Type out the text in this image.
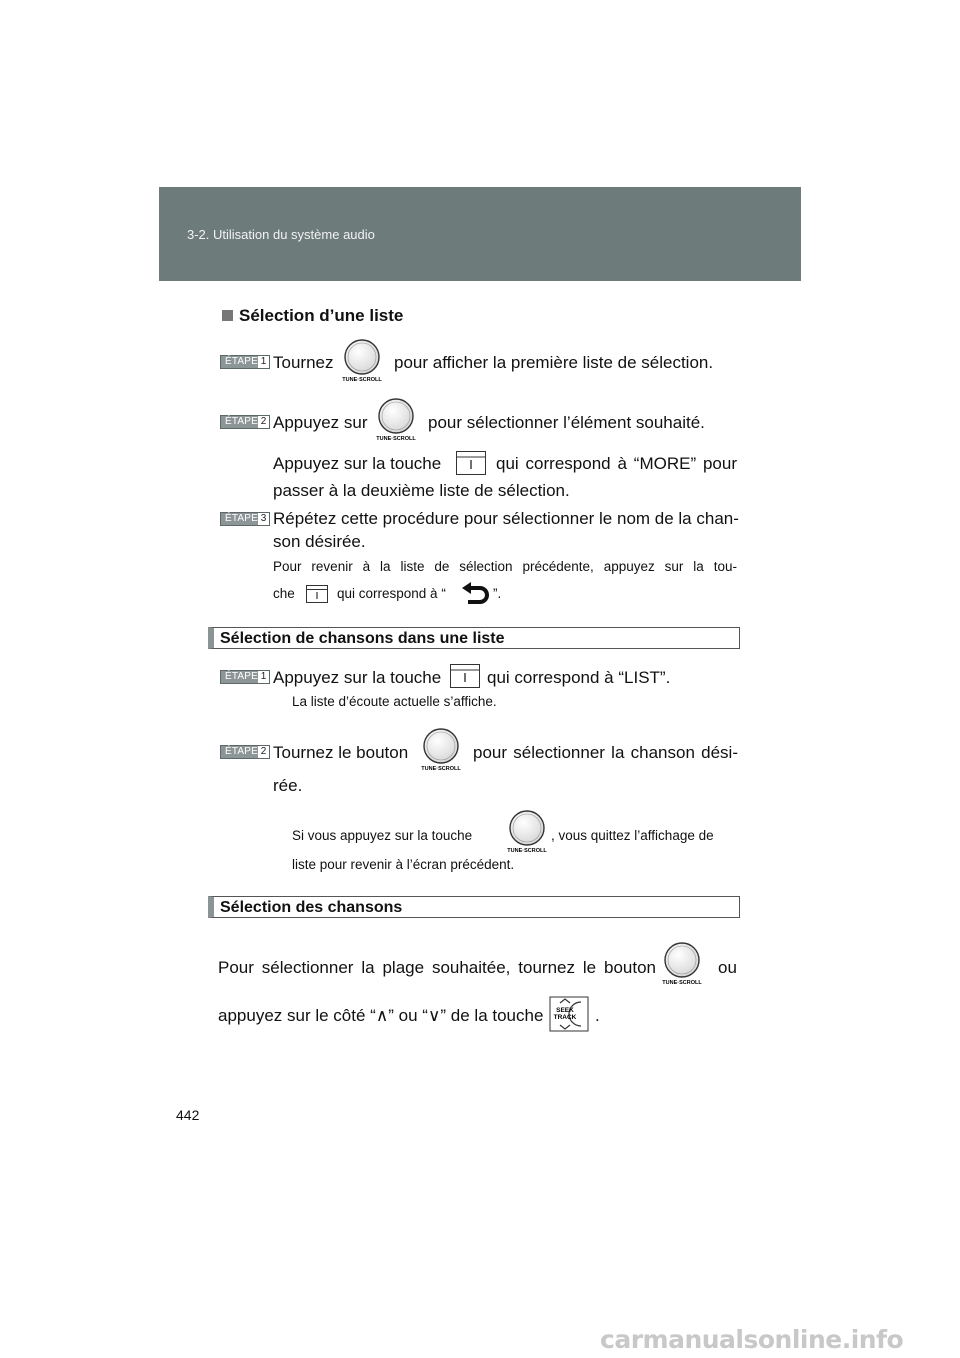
3-2. Utilisation du système audio
Sélection d’une liste
ÉTAPE 1 Tournez
TUNE·SCROLL
pour afficher la première liste de sélection.
ÉTAPE 2 Appuyez sur
TUNE·SCROLL
pour sélectionner l’élément souhaité.
Appuyez sur la touche	qui correspond à “MORE” pour
passer à la deuxième liste de sélection.
ÉTAPE 3 Répétez cette procédure pour sélectionner le nom de la chan-
son désirée.
Pour revenir à la liste de sélection précédente, appuyez sur la tou-
che	qui correspond à “	”.
Sélection de chansons dans une liste
ÉTAPE 1 Appuyez sur la touche	qui correspond à “LIST”.
La liste d’écoute actuelle s’affiche.
ÉTAPE 2 Tournez le bouton
TUNE·SCROLL
pour sélectionner la chanson dési-
rée.
Si vous appuyez sur la touche
TUNE·SCROLL
, vous quittez l’affichage de
liste pour revenir à l’écran précédent.
Sélection des chansons
Pour sélectionner la plage souhaitée, tournez le bouton
TUNE·SCROLL
ou
appuyez sur le côté “∧” ou “∨” de la touche SEEK
TRACK .
442
carmanualsonline.info
